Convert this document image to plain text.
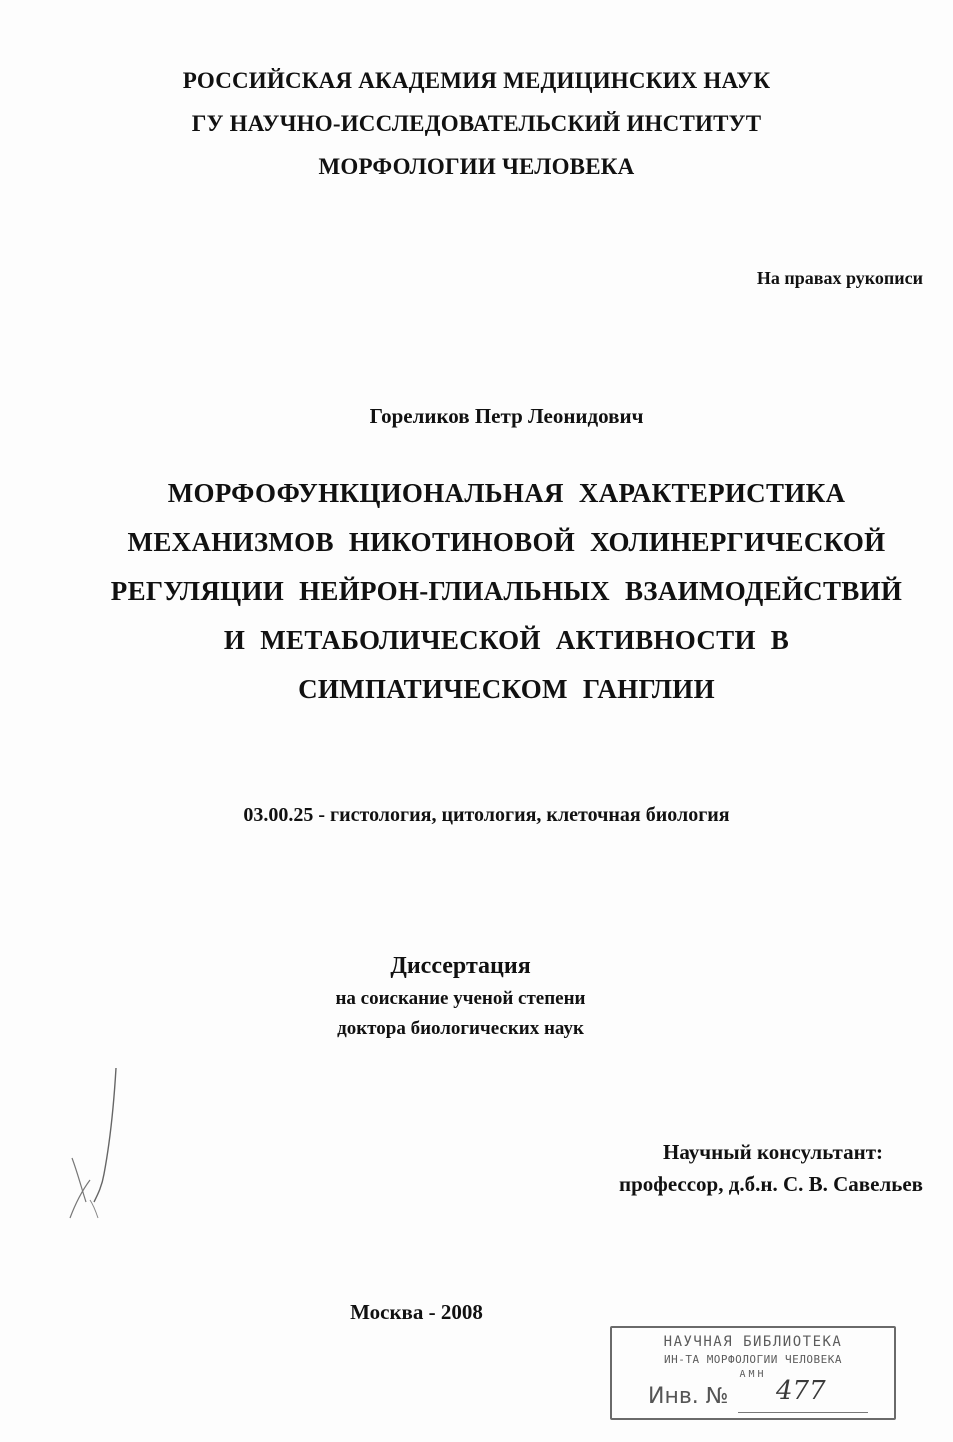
РОССИЙСКАЯ АКАДЕМИЯ МЕДИЦИНСКИХ НАУК
ГУ НАУЧНО-ИССЛЕДОВАТЕЛЬСКИЙ ИНСТИТУТ
МОРФОЛОГИИ ЧЕЛОВЕКА
На правах рукописи
Гореликов Петр Леонидович
МОРФОФУНКЦИОНАЛЬНАЯ ХАРАКТЕРИСТИКА
МЕХАНИЗМОВ НИКОТИНОВОЙ ХОЛИНЕРГИЧЕСКОЙ
РЕГУЛЯЦИИ НЕЙРОН-ГЛИАЛЬНЫХ ВЗАИМОДЕЙСТВИЙ
И МЕТАБОЛИЧЕСКОЙ АКТИВНОСТИ В
СИМПАТИЧЕСКОМ ГАНГЛИИ
03.00.25 - гистология, цитология, клеточная биология
Диссертация
на соискание ученой степени
доктора биологических наук
Научный консультант:
профессор, д.б.н. С. В. Савельев
Москва - 2008
НАУЧНАЯ БИБЛИОТЕКА
ИН-ТА МОРФОЛОГИИ ЧЕЛОВЕКА
АМН
Инв. № 477
